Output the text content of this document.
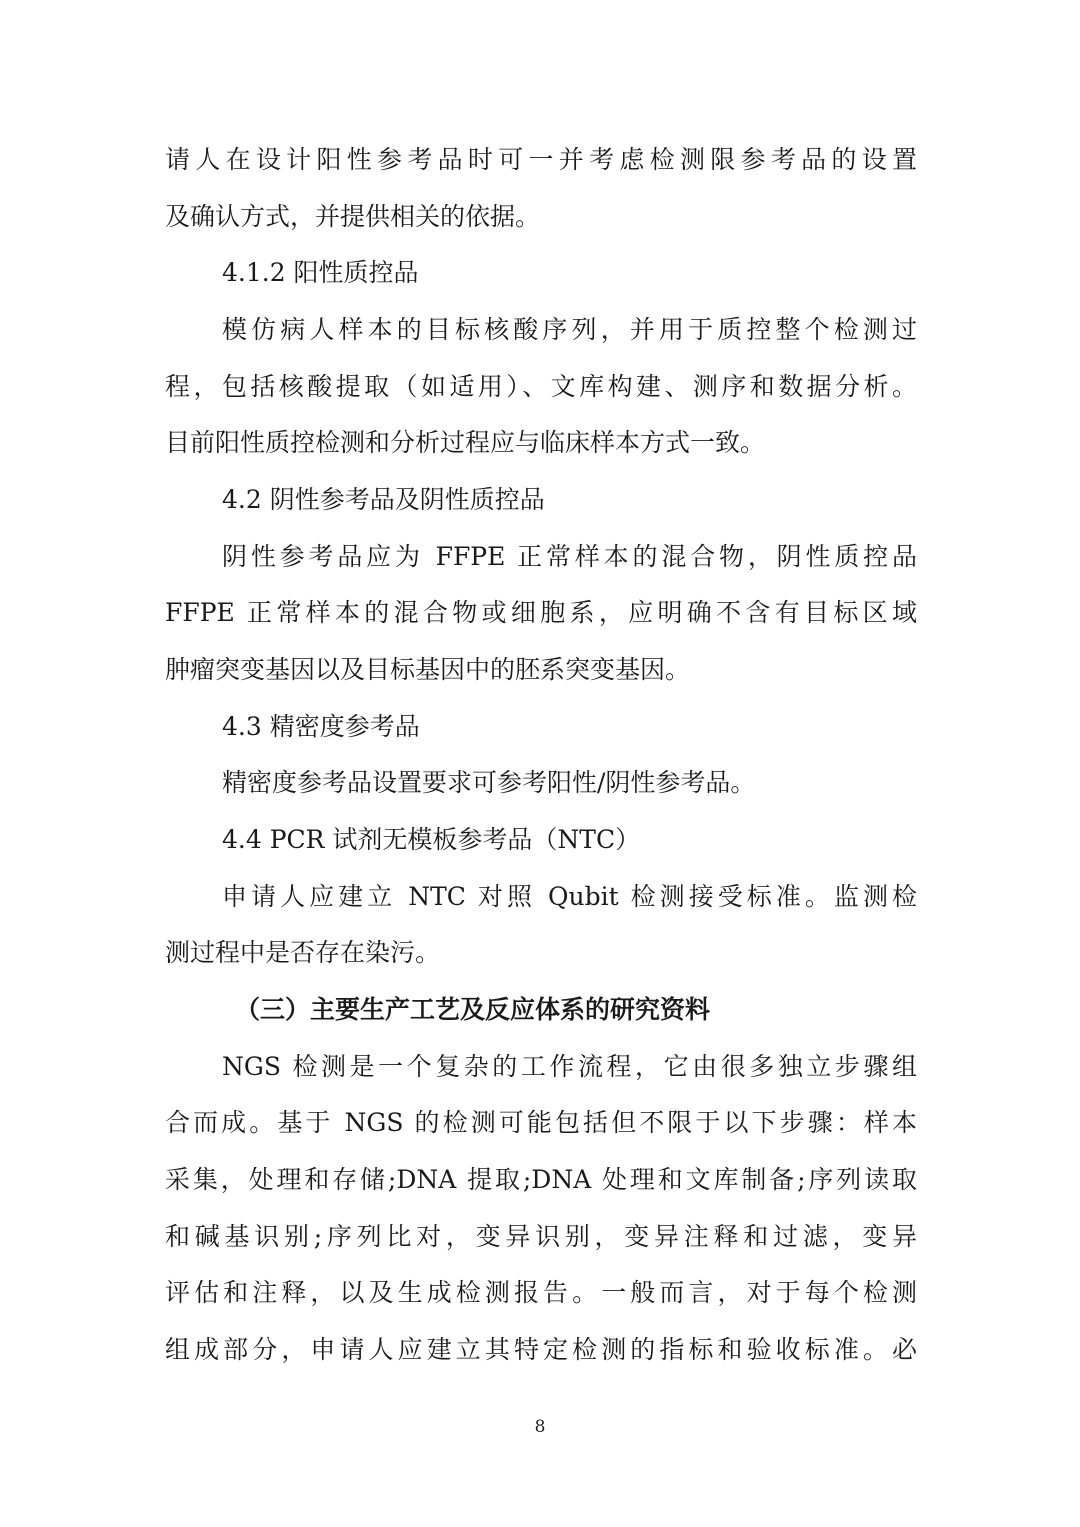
请人在设计阳性参考品时可一并考虑检测限参考品的设置
及确认方式，并提供相关的依据。
4.1.2 阳性质控品
模仿病人样本的目标核酸序列，并用于质控整个检测过
程，包括核酸提取（如适用）、文库构建、测序和数据分析。
目前阳性质控检测和分析过程应与临床样本方式一致。
4.2 阴性参考品及阴性质控品
阴性参考品应为 FFPE 正常样本的混合物，阴性质控品
FFPE 正常样本的混合物或细胞系，应明确不含有目标区域
肿瘤突变基因以及目标基因中的胚系突变基因。
4.3 精密度参考品
精密度参考品设置要求可参考阳性/阴性参考品。
4.4 PCR 试剂无模板参考品（NTC）
申请人应建立 NTC 对照 Qubit 检测接受标准。监测检
测过程中是否存在染污。
（三）主要生产工艺及反应体系的研究资料
NGS 检测是一个复杂的工作流程，它由很多独立步骤组
合而成。基于 NGS 的检测可能包括但不限于以下步骤：样本
采集，处理和存储;DNA 提取;DNA 处理和文库制备;序列读取
和碱基识别;序列比对，变异识别，变异注释和过滤，变异
评估和注释，以及生成检测报告。一般而言，对于每个检测
组成部分，申请人应建立其特定检测的指标和验收标准。必
8
